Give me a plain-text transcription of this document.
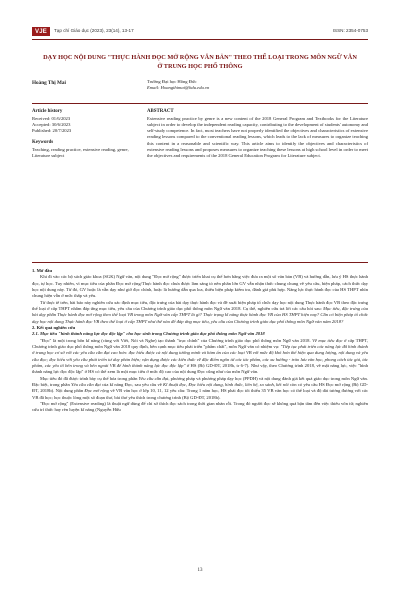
VJE	Tạp chí Giáo dục (2023), 23(14), 13-17	ISSN: 2354-0753
DẠY HỌC NỘI DUNG "THỰC HÀNH ĐỌC MỞ RỘNG VĂN BẢN" THEO THỂ LOẠI TRONG MÔN NGỮ VĂN Ở TRUNG HỌC PHỔ THÔNG
Hoàng Thị Mai	Trường Đại học Hồng Đức
Email: Hoangthimai@hdu.edu.vn
Article history
Received: 01/6/2023
Accepted: 30/6/2023
Published: 20/7/2023
Keywords
Teaching, reading practice, extensive reading, genre, Literature subject
ABSTRACT
Extensive reading practice by genre is a new content of the 2018 General Program and Textbooks for the Literature subject in order to develop the independent reading capacity, contributing to the development of students' autonomy and self-study competence. In fact, most teachers have not properly identified the objectives and characteristics of extensive reading lessons compared to the conventional reading lessons, which leads to the lack of measures to organize teaching this content in a reasonable and scientific way. This article aims to identify the objectives and characteristics of extensive reading lessons and proposes measures to organize teaching these lessons at high school level in order to meet the objectives and requirements of the 2018 General Education Program for Literature subject.

1. Mở đầu

Khi đi vào các bộ sách giáo khoa (SGK) Ngữ văn, nội dung "Đọc mở rộng" được triển khai cụ thể hơn bằng việc đưa ra một số văn bản (VB) và hướng dẫn, lưu ý HS thực hành đọc, tự học. Tuy nhiên, vì mục tiêu của phần Đọc mở rộng/Thực hành đọc chưa được làm sáng tỏ nên phần lớn GV vẫn nhận thức chung chung về yêu cầu, biện pháp, cách thức dạy học nội dung này. Từ đó, GV hoặc là vẫn dạy như giờ đọc chính, hoặc là hướng dẫn qua loa, thiếu biện pháp kiểm tra, đánh giá phù hợp. Năng lực thực hành đọc của HS THPT nhìn chung hiện vẫn ở mức thấp và yếu.

Từ thực tế trên, bài báo này nghiên cứu xác định mục tiêu, đặc trưng của bài dạy thực hành đọc và đề xuất biện pháp tổ chức dạy học nội dung Thực hành đọc VB theo đặc trưng thể loại ở cấp THPT nhằm đáp ứng mục tiêu, yêu cầu của Chương trình giáo dục phổ thông môn Ngữ văn 2018. Cụ thể, nghiên cứu trả lời các câu hỏi sau: Mục tiêu, đặc trưng của bài dạy phần Thực hành đọc mở rộng theo thể loại VB trong môn Ngữ văn cấp THPT là gì? Thực trạng kĩ năng thực hành đọc VB của HS THPT hiện nay? Cần có biện pháp tổ chức dạy học nội dung Thực hành đọc VB theo thể loại ở cấp THPT như thế nào để đáp ứng mục tiêu, yêu cầu của Chương trình giáo dục phổ thông môn Ngữ văn năm 2018?

2. Kết quả nghiên cứu

2.1. Mục tiêu "hình thành năng lực đọc độc lập" cho học sinh trong Chương trình giáo dục phổ thông môn Ngữ văn 2018

"Đọc" là một trong bốn kĩ năng (cùng với Viết, Nói và Nghe) tạo thành "trục chính" của Chương trình giáo dục phổ thông môn Ngữ văn 2018. Về mục tiêu đọc ở cấp THPT, Chương trình giáo dục phổ thông môn Ngữ văn 2018 quy định, bên cạnh mục tiêu phát triển "phẩm chất", môn Ngữ văn có nhiệm vụ: "Tiếp tục phát triển các năng lực đã hình thành ở trung học cơ sở với các yêu cầu cần đạt cao hơn: đọc hiểu được cả nội dung tường minh và hàm ẩn của các loại VB với mức độ khó hơn thể hiện qua dung lượng, nội dung và yêu cầu đọc; đọc hiểu với yêu cầu phát triển tư duy phản biện; vận dụng được các kiến thức về đặc điểm ngôn từ các tác phẩm, các xu hướng - trào lưu văn học, phong cách tác giả, tác phẩm, các yếu tố bên trong và bên ngoài VB để hình thành năng lực đọc độc lập" ở HS (Bộ GD-ĐT, 2018b, tr 6-7). Như vậy, theo Chương trình 2018, về mặt năng lực, việc "hình thành năng lực đọc độc lập" ở HS có thể xem là một mục tiêu ở mức độ cao của nội dung Đọc cũng như của môn Ngữ văn.

Mục tiêu đó đã được trình bày cụ thể hóa trong phần Yêu cầu cần đạt, phương pháp và phương pháp dạy học (PPDH) và nội dung đánh giá kết quả giáo dục trong môn Ngữ văn. Đặc biệt, trong phần Yêu cầu cần đạt của kĩ năng Đọc, sau yêu cầu về Kĩ thuật đọc, Đọc hiểu nội dung, hình thức, liên hệ, so sánh, kết nối còn có yêu cầu HS Đọc mở rộng (Bộ GD-ĐT, 2018b). Nội dung phần Đọc mở rộng về VB văn học ở lớp 10, 11, 12 yêu cầu: Trong 1 năm học, HS phải đọc tối thiểu 35 VB văn học có thể loại và độ dài tương đương với các VB đã học; học thuộc lòng một số đoạn thơ, bài thơ yêu thích trong chương trình (Bộ GD-ĐT, 2018b).

"Đọc mở rộng" (Extensive reading) là thuật ngữ dùng để chỉ sở thích đọc sách trong thời gian nhàn rỗi. Trong đó người đọc sẽ không quá bận tâm đến việc thiếu vốn từ; nghiên cứu trí thức hay rèn luyện kĩ năng (Nguyễn Hữu

13
